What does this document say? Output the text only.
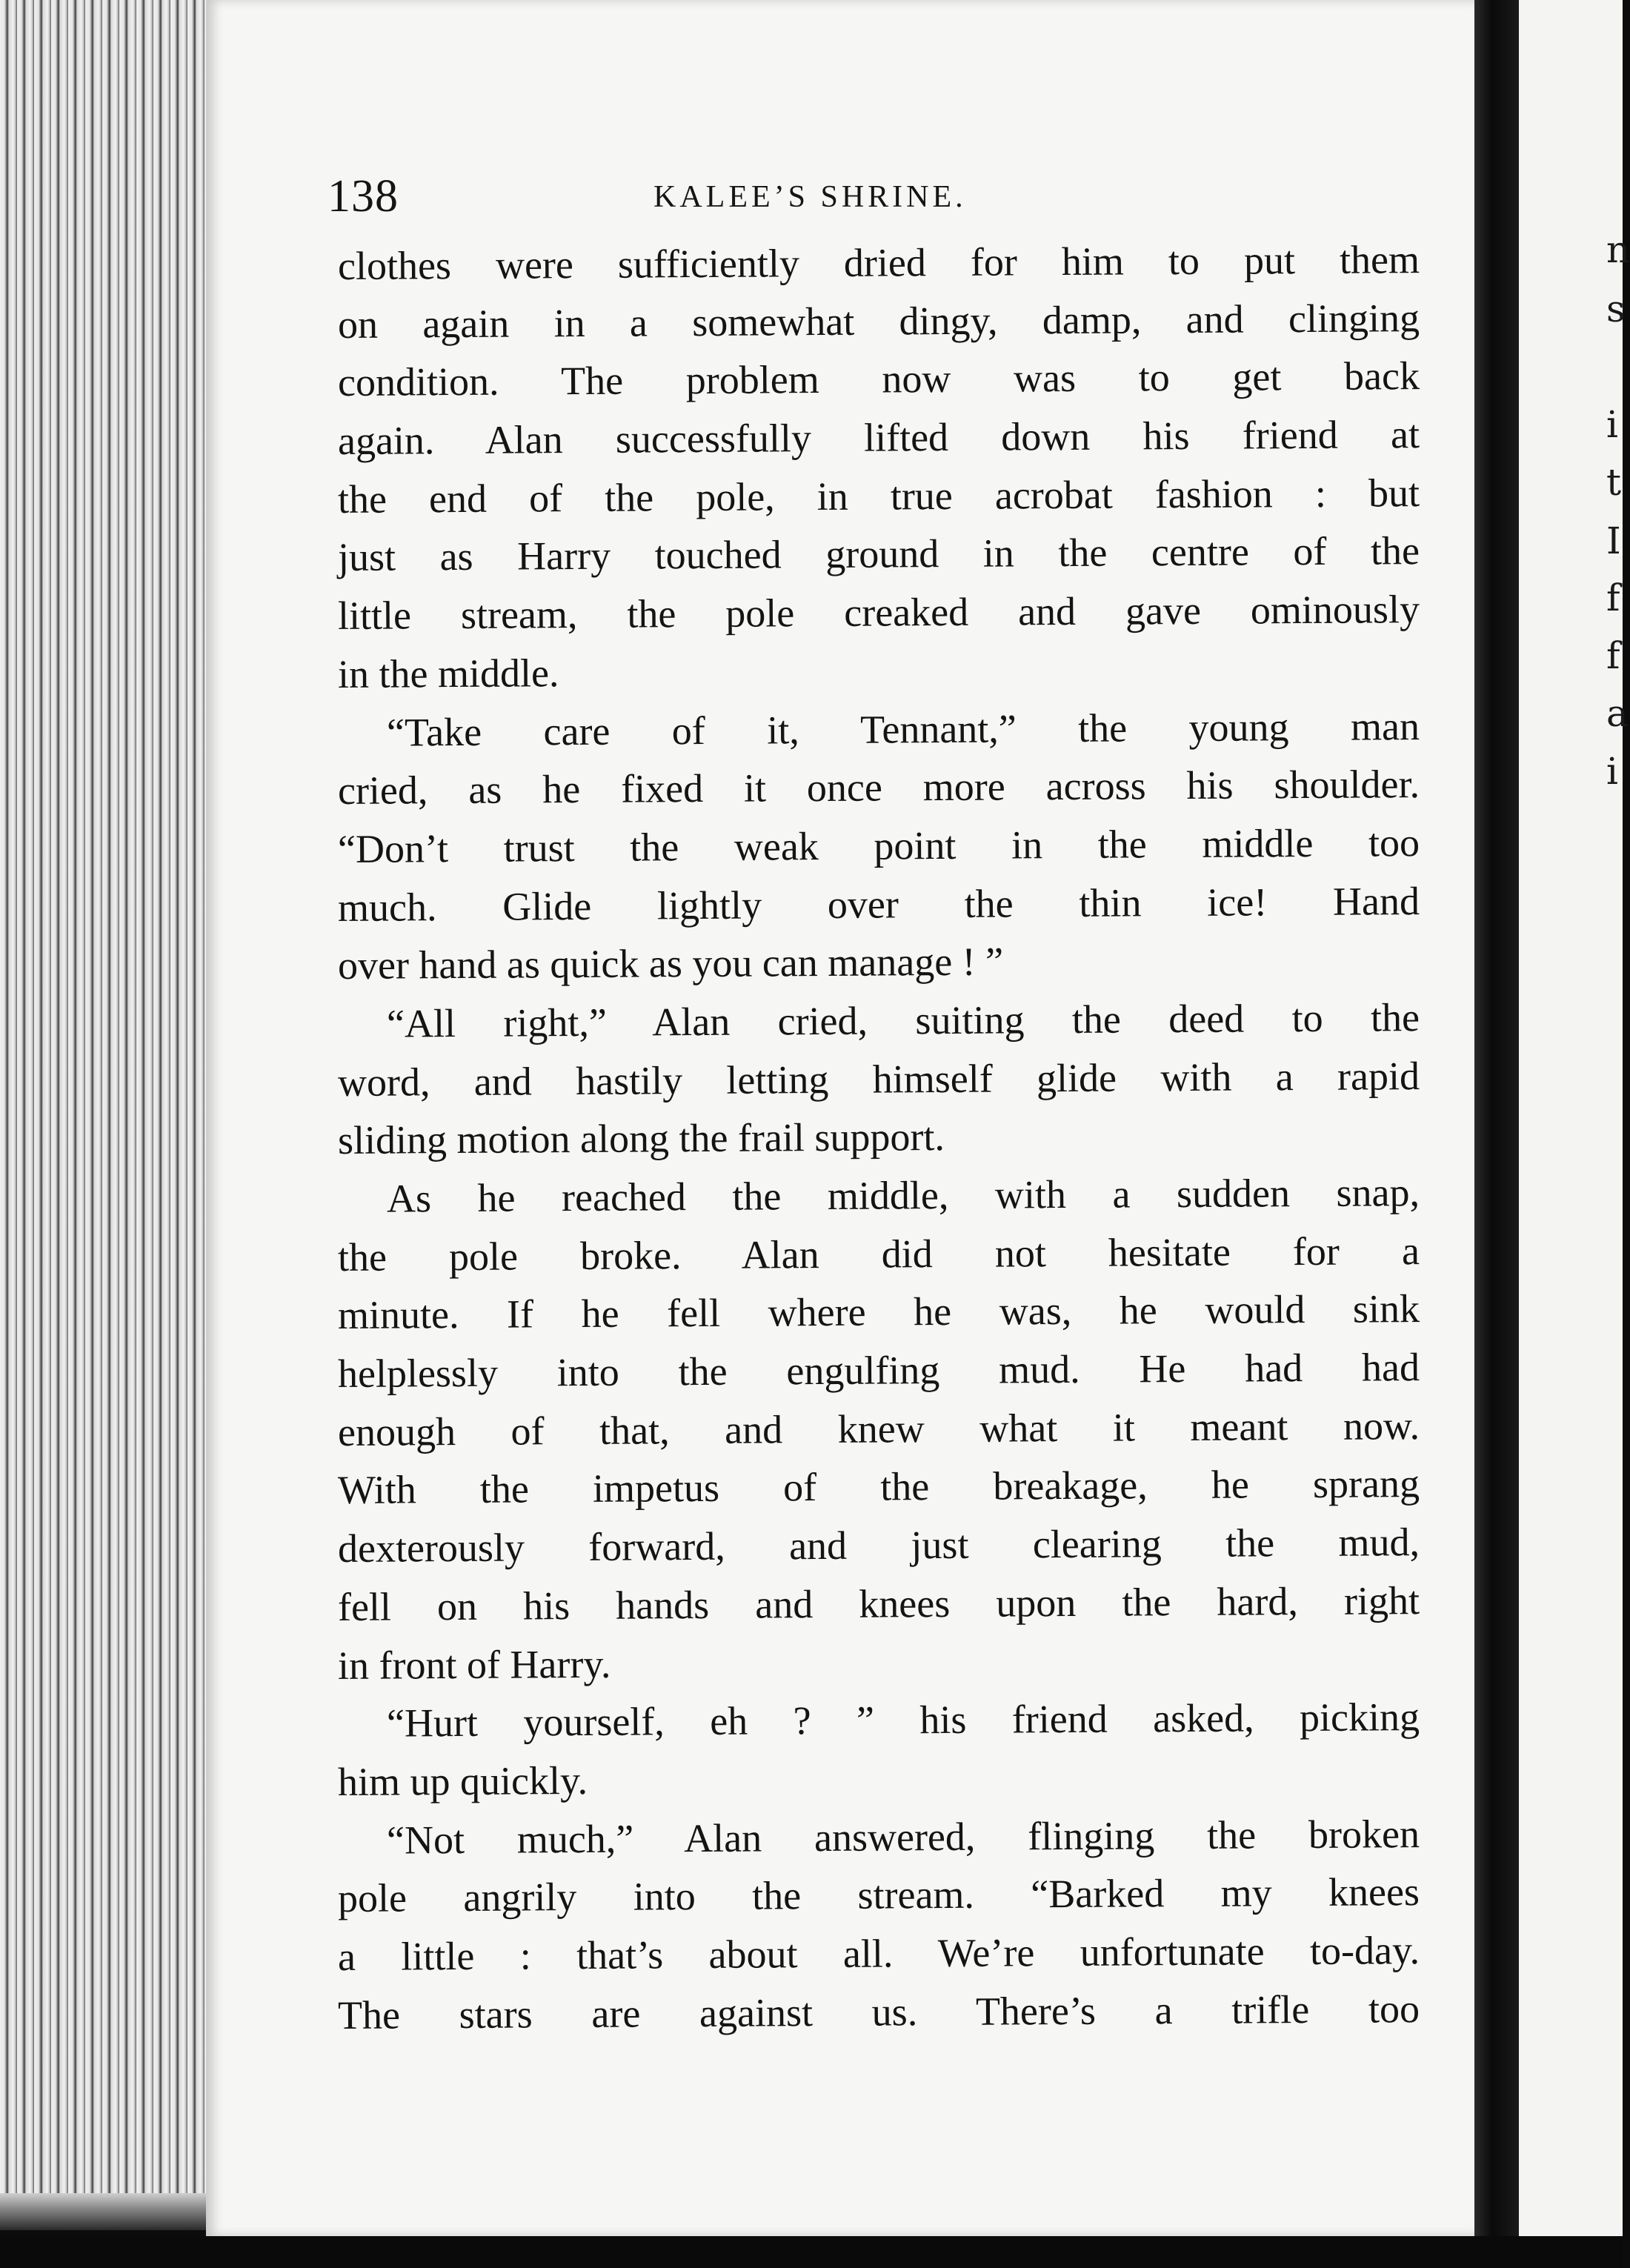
n
s
i
t
I
f
f
a
i
138	KALEE’S SHRINE.
clothes were sufficiently dried for him to put them
on again in a somewhat dingy, damp, and clinging
condition. The problem now was to get back
again. Alan successfully lifted down his friend at
the end of the pole, in true acrobat fashion : but
just as Harry touched ground in the centre of the
little stream, the pole creaked and gave ominously
in the middle.
“Take care of it, Tennant,” the young man
cried, as he fixed it once more across his shoulder.
“Don’t trust the weak point in the middle too
much. Glide lightly over the thin ice! Hand
over hand as quick as you can manage ! ”
“All right,” Alan cried, suiting the deed to the
word, and hastily letting himself glide with a rapid
sliding motion along the frail support.
As he reached the middle, with a sudden snap,
the pole broke. Alan did not hesitate for a
minute. If he fell where he was, he would sink
helplessly into the engulfing mud. He had had
enough of that, and knew what it meant now.
With the impetus of the breakage, he sprang
dexterously forward, and just clearing the mud,
fell on his hands and knees upon the hard, right
in front of Harry.
“Hurt yourself, eh ? ” his friend asked, picking
him up quickly.
“Not much,” Alan answered, flinging the broken
pole angrily into the stream. “Barked my knees
a little : that’s about all. We’re unfortunate to-day.
The stars are against us. There’s a trifle too
